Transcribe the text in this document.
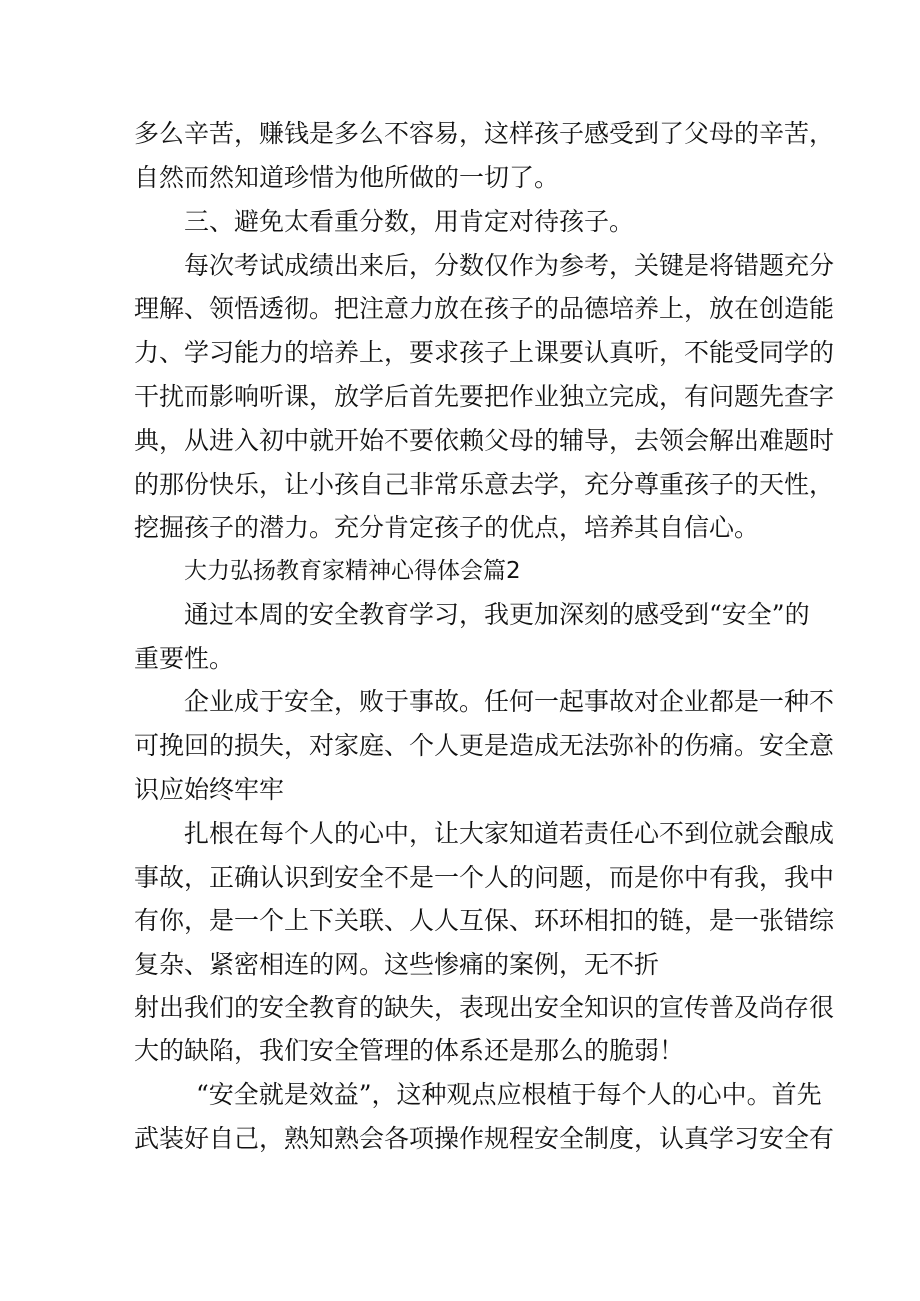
多么辛苦，赚钱是多么不容易，这样孩子感受到了父母的辛苦，

自然而然知道珍惜为他所做的一切了。

三、避免太看重分数，用肯定对待孩子。

每次考试成绩出来后，分数仅作为参考，关键是将错题充分

理解、领悟透彻。把注意力放在孩子的品德培养上，放在创造能

力、学习能力的培养上，要求孩子上课要认真听，不能受同学的

干扰而影响听课，放学后首先要把作业独立完成，有问题先查字

典，从进入初中就开始不要依赖父母的辅导，去领会解出难题时

的那份快乐，让小孩自己非常乐意去学，充分尊重孩子的天性，

挖掘孩子的潜力。充分肯定孩子的优点，培养其自信心。

大力弘扬教育家精神心得体会篇2

通过本周的安全教育学习，我更加深刻的感受到“安全”的

重要性。

企业成于安全，败于事故。任何一起事故对企业都是一种不

可挽回的损失，对家庭、个人更是造成无法弥补的伤痛。安全意

识应始终牢牢

扎根在每个人的心中，让大家知道若责任心不到位就会酿成

事故，正确认识到安全不是一个人的问题，而是你中有我，我中

有你，是一个上下关联、人人互保、环环相扣的链，是一张错综

复杂、紧密相连的网。这些惨痛的案例，无不折

射出我们的安全教育的缺失，表现出安全知识的宣传普及尚存很

大的缺陷，我们安全管理的体系还是那么的脆弱！

“安全就是效益”，这种观点应根植于每个人的心中。首先

武装好自己，熟知熟会各项操作规程安全制度，认真学习安全有
